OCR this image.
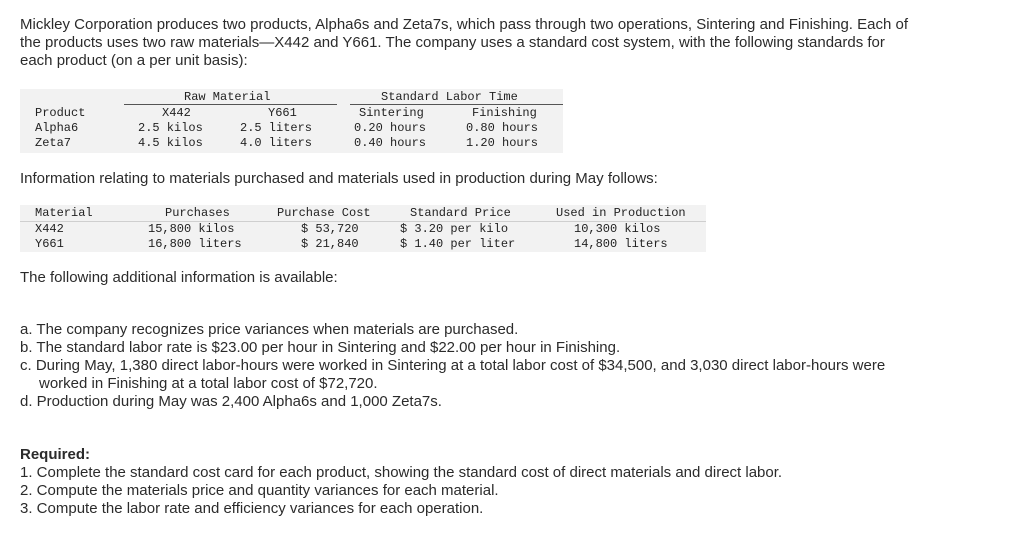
Mickley Corporation produces two products, Alpha6s and Zeta7s, which pass through two operations, Sintering and Finishing. Each of
the products uses two raw materials—X442 and Y661. The company uses a standard cost system, with the following standards for
each product (on a per unit basis):
Raw Material	Standard Labor Time
Product	X442	Y661	Sintering	Finishing
Alpha6	2.5 kilos	2.5 liters	0.20 hours	0.80 hours
Zeta7	4.5 kilos	4.0 liters	0.40 hours	1.20 hours
Information relating to materials purchased and materials used in production during May follows:
Material	Purchases	Purchase Cost	Standard Price	Used in Production
X442	15,800 kilos	$ 53,720	$ 3.20 per kilo	10,300 kilos
Y661	16,800 liters	$ 21,840	$ 1.40 per liter	14,800 liters
The following additional information is available:
a. The company recognizes price variances when materials are purchased.
b. The standard labor rate is $23.00 per hour in Sintering and $22.00 per hour in Finishing.
c. During May, 1,380 direct labor-hours were worked in Sintering at a total labor cost of $34,500, and 3,030 direct labor-hours were
worked in Finishing at a total labor cost of $72,720.
d. Production during May was 2,400 Alpha6s and 1,000 Zeta7s.
Required:
1. Complete the standard cost card for each product, showing the standard cost of direct materials and direct labor.
2. Compute the materials price and quantity variances for each material.
3. Compute the labor rate and efficiency variances for each operation.
